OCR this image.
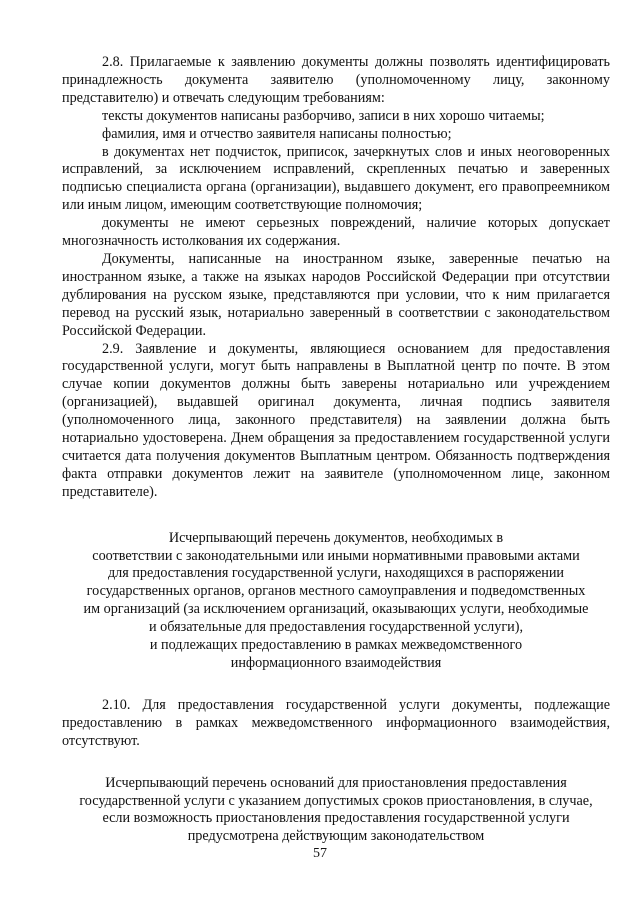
2.8. Прилагаемые к заявлению документы должны позволять идентифицировать принадлежность документа заявителю (уполномоченному лицу, законному представителю) и отвечать следующим требованиям:

тексты документов написаны разборчиво, записи в них хорошо читаемы;

фамилия, имя и отчество заявителя написаны полностью;

в документах нет подчисток, приписок, зачеркнутых слов и иных неоговоренных исправлений, за исключением исправлений, скрепленных печатью и заверенных подписью специалиста органа (организации), выдавшего документ, его правопреемником или иным лицом, имеющим соответствующие полномочия;

документы не имеют серьезных повреждений, наличие которых допускает многозначность истолкования их содержания.

Документы, написанные на иностранном языке, заверенные печатью на иностранном языке, а также на языках народов Российской Федерации при отсутствии дублирования на русском языке, представляются при условии, что к ним прилагается перевод на русский язык, нотариально заверенный в соответствии с законодательством Российской Федерации.

2.9. Заявление и документы, являющиеся основанием для предоставления государственной услуги, могут быть направлены в Выплатной центр по почте. В этом случае копии документов должны быть заверены нотариально или учреждением (организацией), выдавшей оригинал документа, личная подпись заявителя (уполномоченного лица, законного представителя) на заявлении должна быть нотариально удостоверена. Днем обращения за предоставлением государственной услуги считается дата получения документов Выплатным центром. Обязанность подтверждения факта отправки документов лежит на заявителе (уполномоченном лице, законном представителе).

Исчерпывающий перечень документов, необходимых в

соответствии с законодательными или иными нормативными правовыми актами

для предоставления государственной услуги, находящихся в распоряжении

государственных органов, органов местного самоуправления и подведомственных

им организаций (за исключением организаций, оказывающих услуги, необходимые

и обязательные для предоставления государственной услуги),

и подлежащих предоставлению в рамках межведомственного

информационного взаимодействия

2.10. Для предоставления государственной услуги документы, подлежащие предоставлению в рамках межведомственного информационного взаимодействия, отсутствуют.

Исчерпывающий перечень оснований для приостановления предоставления

государственной услуги с указанием допустимых сроков приостановления, в случае,

если возможность приостановления предоставления государственной услуги

предусмотрена действующим законодательством

57
